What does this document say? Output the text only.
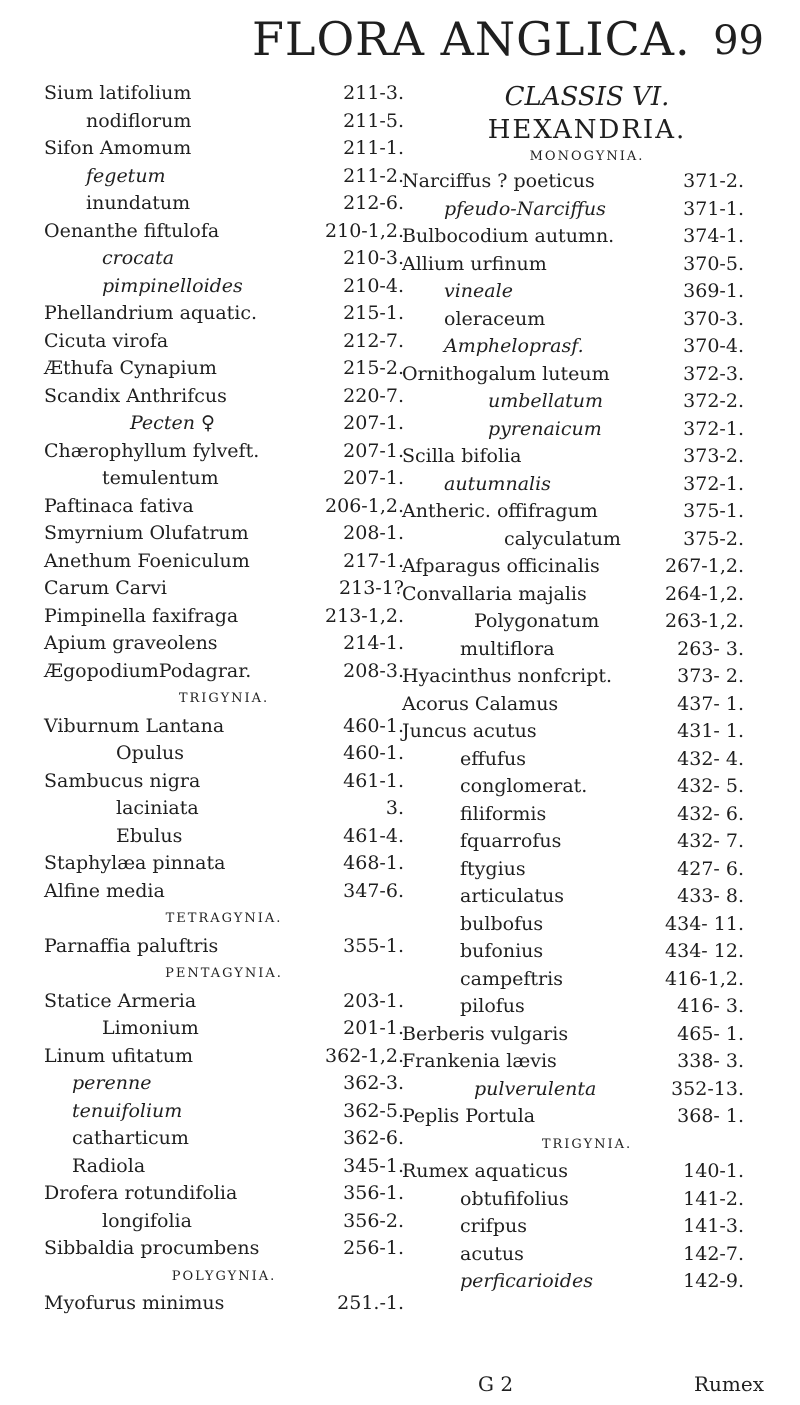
FLORA ANGLICA. 99
Sium latifolium	211-3.
nodiflorum	211-5.
Sifon Amomum	211-1.
fegetum	211-2.
inundatum	212-6.
Oenanthe fiftulofa	210-1,2.
crocata	210-3.
pimpinelloides	210-4.
Phellandrium aquatic.	215-1.
Cicuta virofa	212-7.
Æthufa Cynapium	215-2.
Scandix Anthrifcus	220-7.
Pecten ♀	207-1.
Chærophyllum fylveft.	207-1.
temulentum	207-1.
Paftinaca fativa	206-1,2.
Smyrnium Olufatrum	208-1.
Anethum Foeniculum	217-1.
Carum Carvi	213-1?
Pimpinella faxifraga	213-1,2.
Apium graveolens	214-1.
ÆgopodiumPodagrar.	208-3.
TRIGYNIA.
Viburnum Lantana	460-1.
Opulus	460-1.
Sambucus nigra	461-1.
laciniata	3.
Ebulus	461-4.
Staphylæa pinnata	468-1.
Alfine media	347-6.
TETRAGYNIA.
Parnaffia paluftris	355-1.
PENTAGYNIA.
Statice Armeria	203-1.
Limonium	201-1.
Linum ufitatum	362-1,2.
perenne	362-3.
tenuifolium	362-5.
catharticum	362-6.
Radiola	345-1.
Drofera rotundifolia	356-1.
longifolia	356-2.
Sibbaldia procumbens	256-1.
POLYGYNIA.
Myofurus minimus	251.-1.
CLASSIS VI.
HEXANDRIA.
MONOGYNIA.
Narciffus ? poeticus	371-2.
pfeudo-Narciffus	371-1.
Bulbocodium autumn.	374-1.
Allium urfinum	370-5.
vineale	369-1.
oleraceum	370-3.
Ampheloprasf.	370-4.
Ornithogalum luteum	372-3.
umbellatum	372-2.
pyrenaicum	372-1.
Scilla bifolia	373-2.
autumnalis	372-1.
Antheric. offifragum	375-1.
calyculatum	375-2.
Afparagus officinalis	267-1,2.
Convallaria majalis	264-1,2.
Polygonatum	263-1,2.
multiflora	263- 3.
Hyacinthus nonfcript.	373- 2.
Acorus Calamus	437- 1.
Juncus acutus	431- 1.
effufus	432- 4.
conglomerat.	432- 5.
filiformis	432- 6.
fquarrofus	432- 7.
ftygius	427- 6.
articulatus	433- 8.
bulbofus	434- 11.
bufonius	434- 12.
campeftris	416-1,2.
pilofus	416- 3.
Berberis vulgaris	465- 1.
Frankenia lævis	338- 3.
pulverulenta	352-13.
Peplis Portula	368- 1.
TRIGYNIA.
Rumex aquaticus	140-1.
obtufifolius	141-2.
crifpus	141-3.
acutus	142-7.
perficarioides	142-9.
G 2	Rumex
